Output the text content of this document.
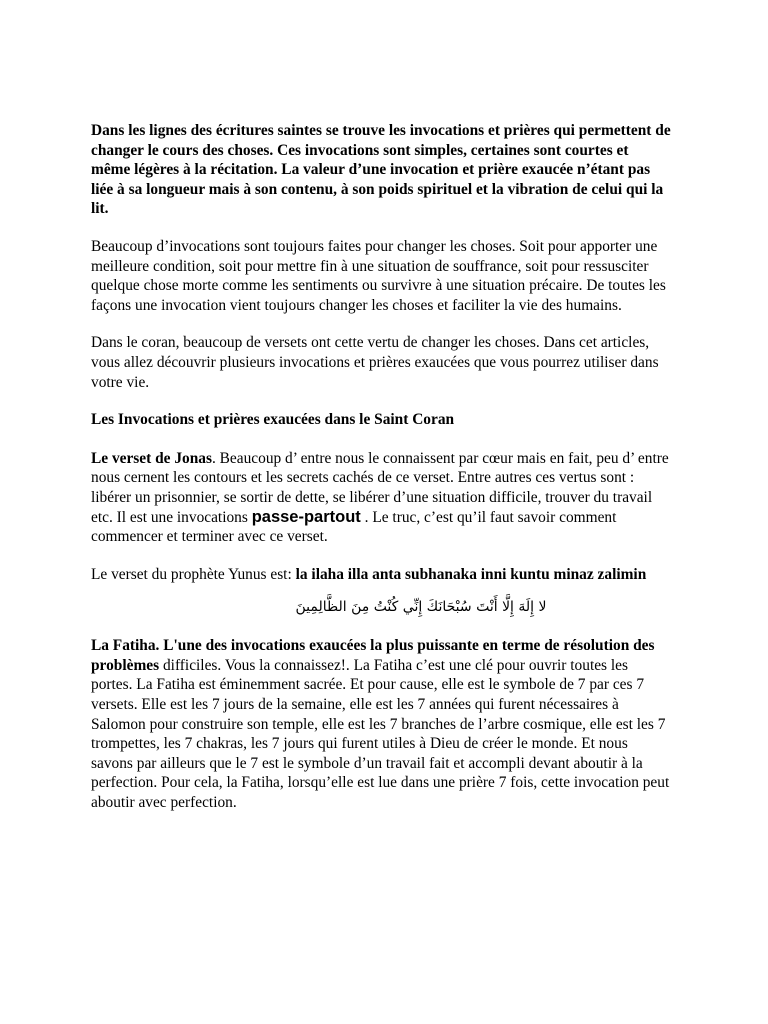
Dans les lignes des écritures saintes se trouve les invocations et prières qui permettent de changer le cours des choses. Ces invocations sont simples, certaines sont courtes et même légères à la récitation. La valeur d’une invocation et prière exaucée n’étant pas liée à sa longueur mais à son contenu, à son poids spirituel et la vibration de celui qui la lit.

Beaucoup d’invocations sont toujours faites pour changer les choses. Soit pour apporter une meilleure condition, soit pour mettre fin à une situation de souffrance, soit pour ressusciter quelque chose morte comme les sentiments ou survivre à une situation précaire. De toutes les façons une invocation vient toujours changer les choses et faciliter la vie des humains.

Dans le coran, beaucoup de versets ont cette vertu de changer les choses. Dans cet articles, vous allez découvrir plusieurs invocations et prières exaucées que vous pourrez utiliser dans votre vie.

Les Invocations et prières exaucées dans le Saint Coran

Le verset de Jonas. Beaucoup d’ entre nous le connaissent par cœur mais en fait, peu d’ entre nous cernent les contours et les secrets cachés de ce verset. Entre autres ces vertus sont : libérer un prisonnier, se sortir de dette, se libérer d’une situation difficile, trouver du travail etc. Il est une invocations passe-partout . Le truc, c’est qu’il faut savoir comment commencer et terminer avec ce verset.

Le verset du prophète Yunus est: la ilaha illa anta subhanaka inni kuntu minaz zalimin

لا إِلَهَ إِلَّا أَنْتَ سُبْحَانَكَ إِنِّي كُنْتُ مِنَ الظَّالِمِينَ

La Fatiha. L'une des invocations exaucées la plus puissante en terme de résolution des problèmes difficiles. Vous la connaissez!. La Fatiha c’est une clé pour ouvrir toutes les portes. La Fatiha est éminemment sacrée. Et pour cause, elle est le symbole de 7 par ces 7 versets. Elle est les 7 jours de la semaine, elle est les 7 années qui furent nécessaires à Salomon pour construire son temple, elle est les 7 branches de l’arbre cosmique, elle est les 7 trompettes, les 7 chakras, les 7 jours qui furent utiles à Dieu de créer le monde. Et nous savons par ailleurs que le 7 est le symbole d’un travail fait et accompli devant aboutir à la perfection. Pour cela, la Fatiha, lorsqu’elle est lue dans une prière 7 fois, cette invocation peut aboutir avec perfection.
